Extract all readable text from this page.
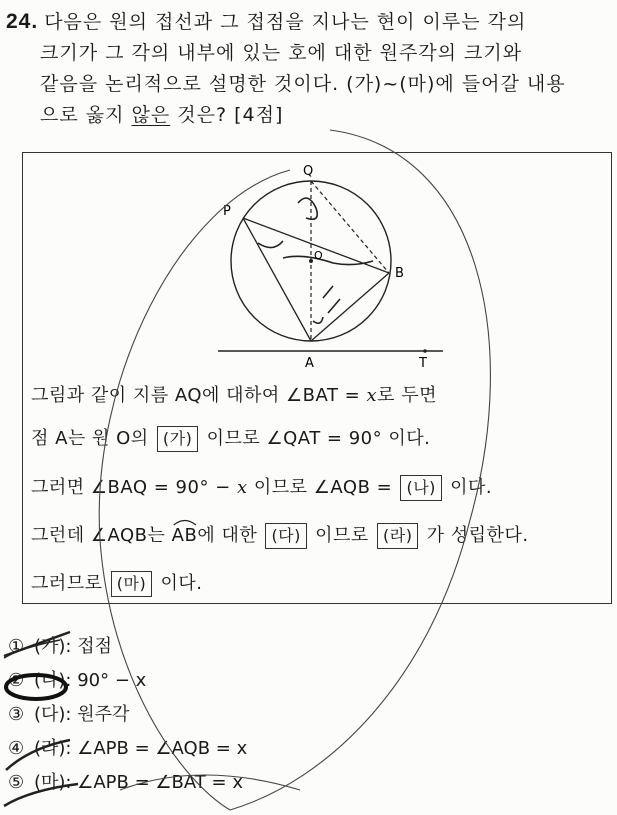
24. 다음은 원의 접선과 그 접점을 지나는 현이 이루는 각의
크기가 그 각의 내부에 있는 호에 대한 원주각의 크기와
같음을 논리적으로 설명한 것이다. (가)~(마)에 들어갈 내용
으로 옳지 않은 것은? [4점]
P
Q
B
A	T
O
그림과 같이 지름 AQ에 대하여 ∠BAT = x로 두면
점 A는 원 O의 (가) 이므로 ∠QAT = 90° 이다.
그러면 ∠BAQ = 90° − x 이므로 ∠AQB = (나) 이다.
그런데 ∠AQB는
AB에 대한 (다) 이므로 (라) 가 성립한다.
그러므로 (마) 이다.
① (가): 접점
② (나): 90° − x
③ (다): 원주각
④ (라): ∠APB = ∠AQB = x
⑤ (마): ∠APB = ∠BAT = x
